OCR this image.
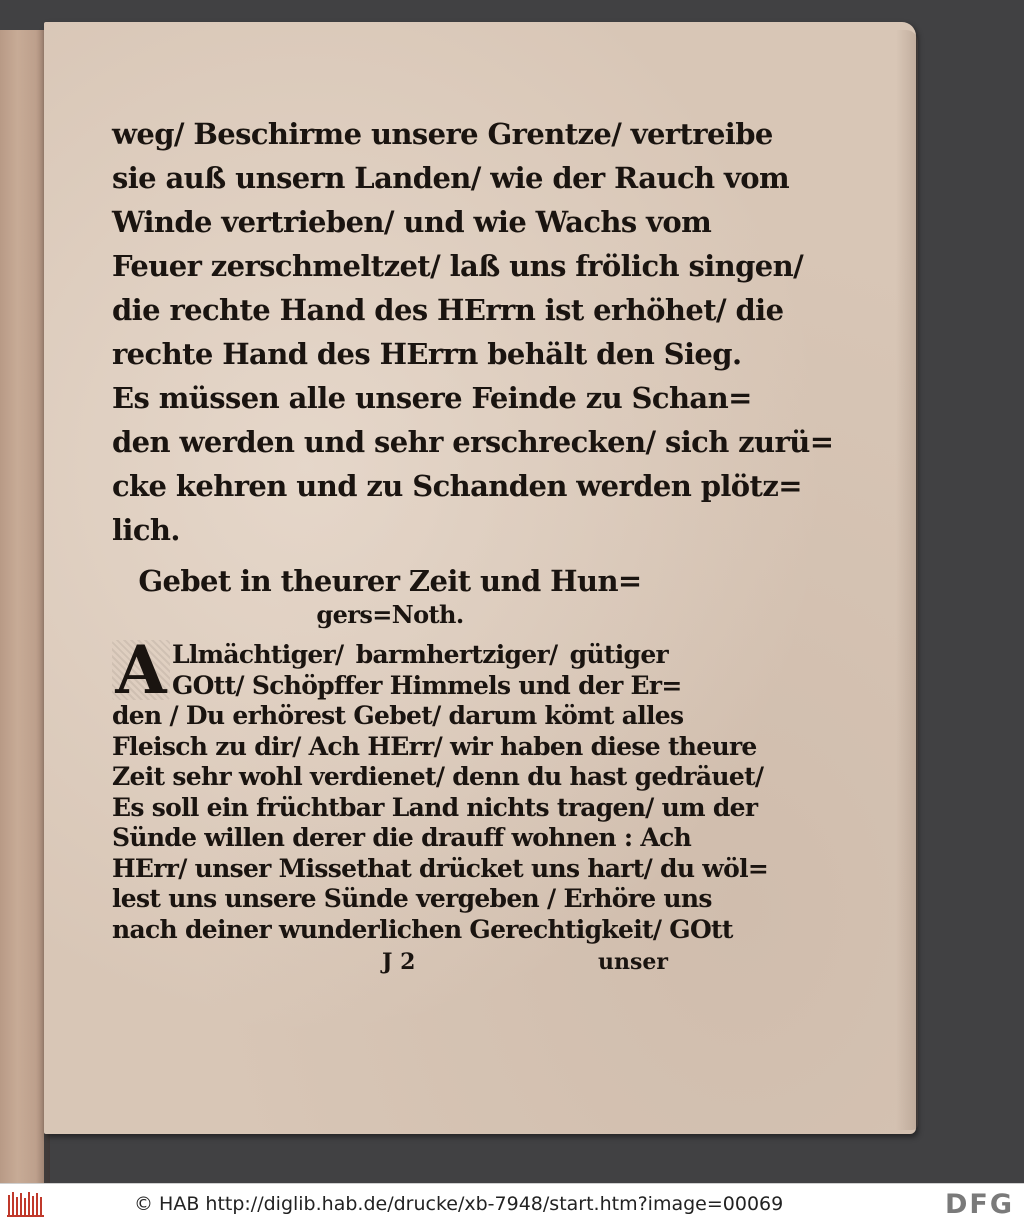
weg/ Beschirme unsere Grentze/ vertreibe
sie auß unsern Landen/ wie der Rauch vom
Winde vertrieben/ und wie Wachs vom
Feuer zerschmeltzet/ laß uns frölich singen/
die rechte Hand des HErrn ist erhöhet/ die
rechte Hand des HErrn behält den Sieg.
Es müssen alle unsere Feinde zu Schan=
den werden und sehr erschrecken/ sich zurü=
cke kehren und zu Schanden werden plötz=
lich.
Gebet in theurer Zeit und Hun=
gers=Noth.
A Llmächtiger/ barmhertziger/ gütiger
GOtt/ Schöpffer Himmels und der Er=
den / Du erhörest Gebet/ darum kömt alles
Fleisch zu dir/ Ach HErr/ wir haben diese theure
Zeit sehr wohl verdienet/ denn du hast gedräuet/
Es soll ein früchtbar Land nichts tragen/ um der
Sünde willen derer die drauff wohnen : Ach
HErr/ unser Missethat drücket uns hart/ du wöl=
lest uns unsere Sünde vergeben / Erhöre uns
nach deiner wunderlichen Gerechtigkeit/ GOtt
J 2	unser
© HAB http://diglib.hab.de/drucke/xb-7948/start.htm?image=00069	DFG
